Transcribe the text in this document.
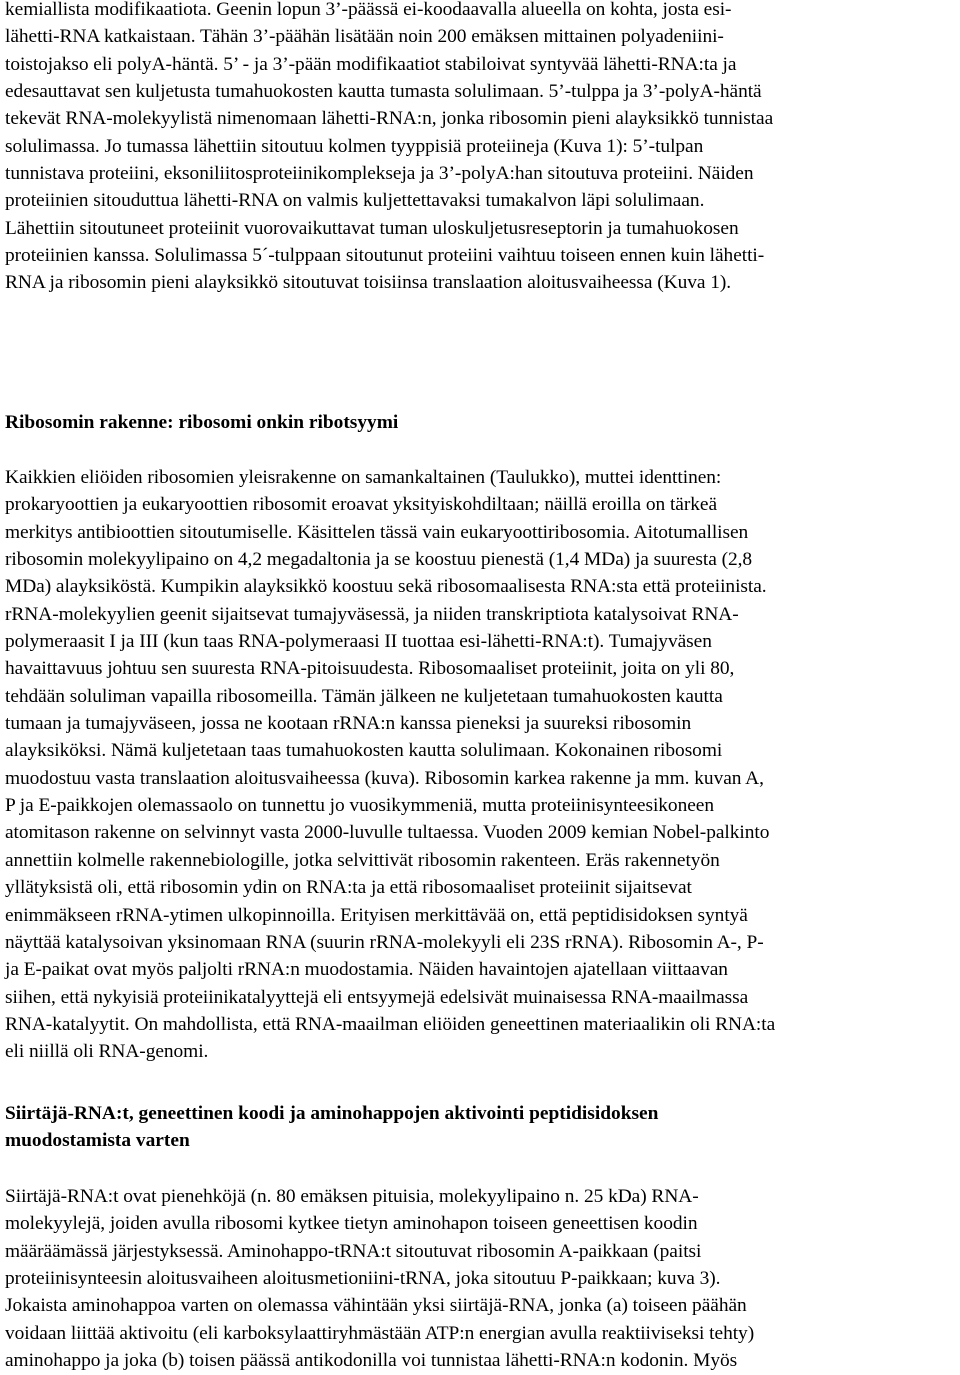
kemiallista modifikaatiota. Geenin lopun 3’-päässä ei-koodaavalla alueella on kohta, josta esi-
lähetti-RNA katkaistaan. Tähän 3’-päähän lisätään noin 200 emäksen mittainen polyadeniini-
toistojakso eli polyA-häntä. 5’ - ja 3’-pään modifikaatiot stabiloivat syntyvää lähetti-RNA:ta ja
edesauttavat sen kuljetusta tumahuokosten kautta tumasta solulimaan. 5’-tulppa ja 3’-polyA-häntä
tekevät RNA-molekyylistä nimenomaan lähetti-RNA:n, jonka ribosomin pieni alayksikkö tunnistaa
solulimassa. Jo tumassa lähettiin sitoutuu kolmen tyyppisiä proteiineja (Kuva 1): 5’-tulpan
tunnistava proteiini, eksoniliitosproteiinikomplekseja ja 3’-polyA:han sitoutuva proteiini. Näiden
proteiinien sitouduttua lähetti-RNA on valmis kuljettettavaksi tumakalvon läpi solulimaan.
Lähettiin sitoutuneet proteiinit vuorovaikuttavat tuman uloskuljetusreseptorin ja tumahuokosen
proteiinien kanssa. Solulimassa 5´-tulppaan sitoutunut proteiini vaihtuu toiseen ennen kuin lähetti-
RNA ja ribosomin pieni alayksikkö sitoutuvat toisiinsa translaation aloitusvaiheessa (Kuva 1).
Ribosomin rakenne: ribosomi onkin ribotsyymi
Kaikkien eliöiden ribosomien yleisrakenne on samankaltainen (Taulukko), muttei identtinen:
prokaryoottien ja eukaryoottien ribosomit eroavat yksityiskohdiltaan; näillä eroilla on tärkeä
merkitys antibioottien sitoutumiselle. Käsittelen tässä vain eukaryoottiribosomia. Aitotumallisen
ribosomin molekyylipaino on 4,2 megadaltonia ja se koostuu pienestä (1,4 MDa) ja suuresta (2,8
MDa) alayksiköstä. Kumpikin alayksikkö koostuu sekä ribosomaalisesta RNA:sta että proteiinista.
rRNA-molekyylien geenit sijaitsevat tumajyväsessä, ja niiden transkriptiota katalysoivat RNA-
polymeraasit I ja III (kun taas RNA-polymeraasi II tuottaa esi-lähetti-RNA:t). Tumajyväsen
havaittavuus johtuu sen suuresta RNA-pitoisuudesta. Ribosomaaliset proteiinit, joita on yli 80,
tehdään soluliman vapailla ribosomeilla. Tämän jälkeen ne kuljetetaan tumahuokosten kautta
tumaan ja tumajyväseen, jossa ne kootaan rRNA:n kanssa pieneksi ja suureksi ribosomin
alayksiköksi. Nämä kuljetetaan taas tumahuokosten kautta solulimaan. Kokonainen ribosomi
muodostuu vasta translaation aloitusvaiheessa (kuva). Ribosomin karkea rakenne ja mm. kuvan A,
P ja E-paikkojen olemassaolo on tunnettu jo vuosikymmeniä, mutta proteiinisynteesikoneen
atomitason rakenne on selvinnyt vasta 2000-luvulle tultaessa. Vuoden 2009 kemian Nobel-palkinto
annettiin kolmelle rakennebiologille, jotka selvittivät ribosomin rakenteen. Eräs rakennetyön
yllätyksistä oli, että ribosomin ydin on RNA:ta ja että ribosomaaliset proteiinit sijaitsevat
enimmäkseen rRNA-ytimen ulkopinnoilla. Erityisen merkittävää on, että peptidisidoksen syntyä
näyttää katalysoivan yksinomaan RNA (suurin rRNA-molekyyli eli 23S rRNA). Ribosomin A-, P-
ja E-paikat ovat myös paljolti rRNA:n muodostamia. Näiden havaintojen ajatellaan viittaavan
siihen, että nykyisiä proteiinikatalyyttejä eli entsyymejä edelsivät muinaisessa RNA-maailmassa
RNA-katalyytit. On mahdollista, että RNA-maailman eliöiden geneettinen materiaalikin oli RNA:ta
eli niillä oli RNA-genomi.
Siirtäjä-RNA:t, geneettinen koodi ja aminohappojen aktivointi peptidisidoksen
muodostamista varten
Siirtäjä-RNA:t ovat pienehköjä (n. 80 emäksen pituisia, molekyylipaino n. 25 kDa) RNA-
molekyylejä, joiden avulla ribosomi kytkee tietyn aminohapon toiseen geneettisen koodin
määräämässä järjestyksessä. Aminohappo-tRNA:t sitoutuvat ribosomin A-paikkaan (paitsi
proteiinisynteesin aloitusvaiheen aloitusmetioniini-tRNA, joka sitoutuu P-paikkaan; kuva 3).
Jokaista aminohappoa varten on olemassa vähintään yksi siirtäjä-RNA, jonka (a) toiseen päähän
voidaan liittää aktivoitu (eli karboksylaattiryhmästään ATP:n energian avulla reaktiiviseksi tehty)
aminohappo ja joka (b) toisen päässä antikodonilla voi tunnistaa lähetti-RNA:n kodonin. Myös
